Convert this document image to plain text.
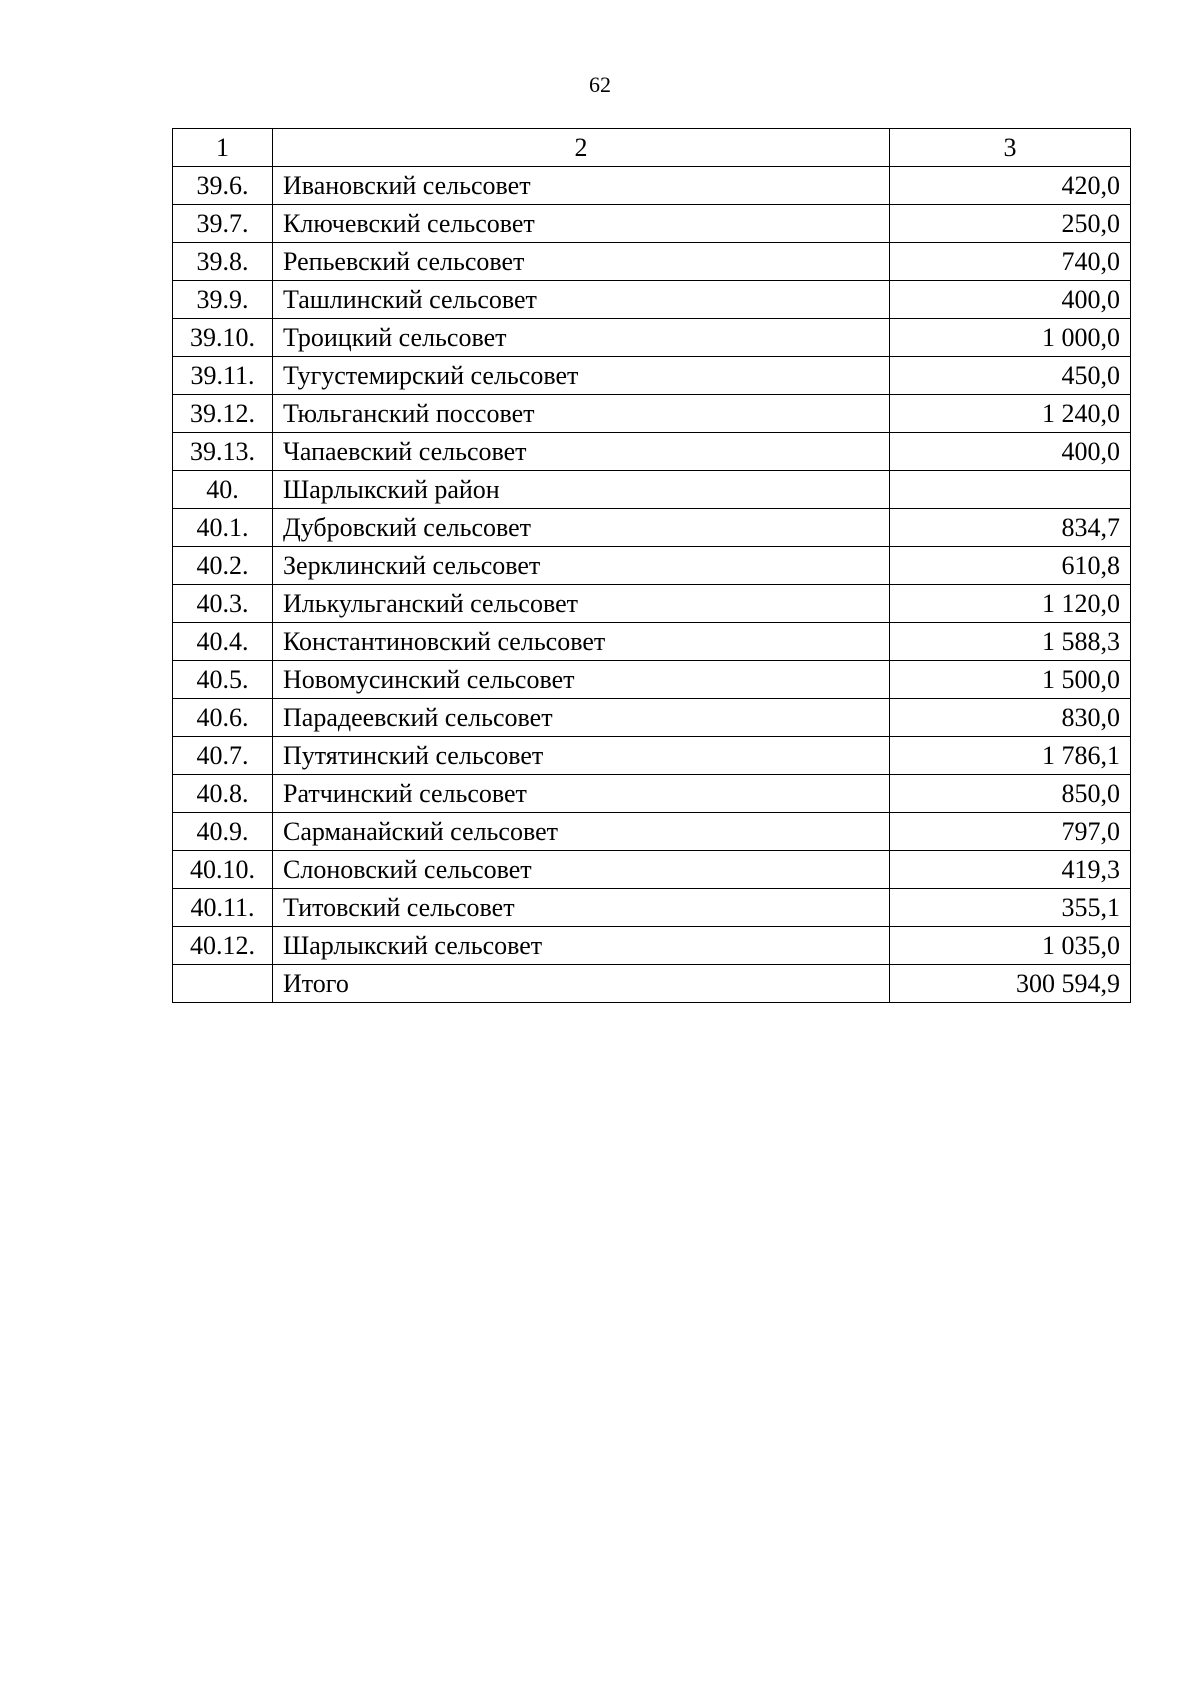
62
1	2	3
39.6.	Ивановский сельсовет	420,0
39.7.	Ключевский сельсовет	250,0
39.8.	Репьевский сельсовет	740,0
39.9.	Ташлинский сельсовет	400,0
39.10.	Троицкий сельсовет	1 000,0
39.11.	Тугустемирский сельсовет	450,0
39.12.	Тюльганский поссовет	1 240,0
39.13.	Чапаевский сельсовет	400,0
40.	Шарлыкский район	
40.1.	Дубровский сельсовет	834,7
40.2.	Зерклинский сельсовет	610,8
40.3.	Илькульганский сельсовет	1 120,0
40.4.	Константиновский сельсовет	1 588,3
40.5.	Новомусинский сельсовет	1 500,0
40.6.	Парадеевский сельсовет	830,0
40.7.	Путятинский сельсовет	1 786,1
40.8.	Ратчинский сельсовет	850,0
40.9.	Сарманайский сельсовет	797,0
40.10.	Слоновский сельсовет	419,3
40.11.	Титовский сельсовет	355,1
40.12.	Шарлыкский сельсовет	1 035,0
	Итого	300 594,9
